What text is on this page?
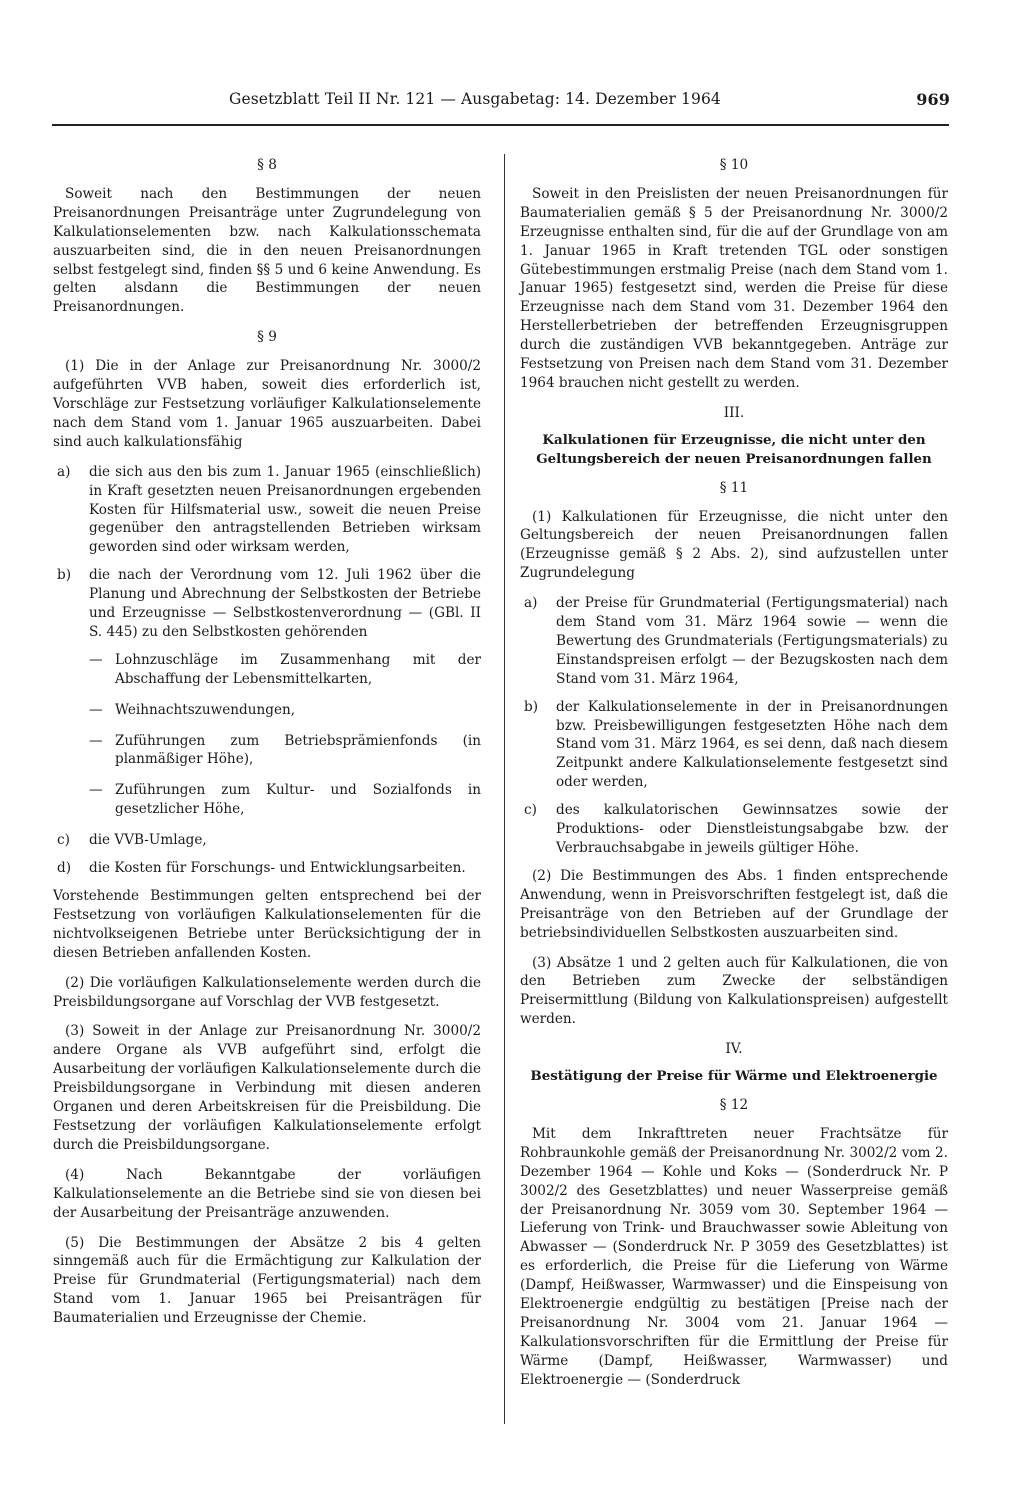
Gesetzblatt Teil II Nr. 121 — Ausgabetag: 14. Dezember 1964	969
§ 8

Soweit nach den Bestimmungen der neuen Preisanordnungen Preisanträge unter Zugrundelegung von Kalkulationselementen bzw. nach Kalkulationsschemata auszuarbeiten sind, die in den neuen Preisanordnungen selbst festgelegt sind, finden §§ 5 und 6 keine Anwendung. Es gelten alsdann die Bestimmungen der neuen Preisanordnungen.

§ 9

(1) Die in der Anlage zur Preisanordnung Nr. 3000/2 aufgeführten VVB haben, soweit dies erforderlich ist, Vorschläge zur Festsetzung vorläufiger Kalkulationselemente nach dem Stand vom 1. Januar 1965 auszuarbeiten. Dabei sind auch kalkulationsfähig

a)	die sich aus den bis zum 1. Januar 1965 (einschließlich) in Kraft gesetzten neuen Preisanordnungen ergebenden Kosten für Hilfsmaterial usw., soweit die neuen Preise gegenüber den antragstellenden Betrieben wirksam geworden sind oder wirksam werden,
b)	die nach der Verordnung vom 12. Juli 1962 über die Planung und Abrechnung der Selbstkosten der Betriebe und Erzeugnisse — Selbstkostenverordnung — (GBl. II S. 445) zu den Selbstkosten gehörenden
— Lohnzuschläge im Zusammenhang mit der Abschaffung der Lebensmittelkarten,
— Weihnachtszuwendungen,
— Zuführungen zum Betriebsprämienfonds (in planmäßiger Höhe),
— Zuführungen zum Kultur- und Sozialfonds in gesetzlicher Höhe,
c)	die VVB-Umlage,
d)	die Kosten für Forschungs- und Entwicklungsarbeiten.

Vorstehende Bestimmungen gelten entsprechend bei der Festsetzung von vorläufigen Kalkulationselementen für die nichtvolkseigenen Betriebe unter Berücksichtigung der in diesen Betrieben anfallenden Kosten.

(2) Die vorläufigen Kalkulationselemente werden durch die Preisbildungsorgane auf Vorschlag der VVB festgesetzt.

(3) Soweit in der Anlage zur Preisanordnung Nr. 3000/2 andere Organe als VVB aufgeführt sind, erfolgt die Ausarbeitung der vorläufigen Kalkulationselemente durch die Preisbildungsorgane in Verbindung mit diesen anderen Organen und deren Arbeitskreisen für die Preisbildung. Die Festsetzung der vorläufigen Kalkulationselemente erfolgt durch die Preisbildungsorgane.

(4) Nach Bekanntgabe der vorläufigen Kalkulationselemente an die Betriebe sind sie von diesen bei der Ausarbeitung der Preisanträge anzuwenden.

(5) Die Bestimmungen der Absätze 2 bis 4 gelten sinngemäß auch für die Ermächtigung zur Kalkulation der Preise für Grundmaterial (Fertigungsmaterial) nach dem Stand vom 1. Januar 1965 bei Preisanträgen für Baumaterialien und Erzeugnisse der Chemie.

§ 10

Soweit in den Preislisten der neuen Preisanordnungen für Baumaterialien gemäß § 5 der Preisanordnung Nr. 3000/2 Erzeugnisse enthalten sind, für die auf der Grundlage von am 1. Januar 1965 in Kraft tretenden TGL oder sonstigen Gütebestimmungen erstmalig Preise (nach dem Stand vom 1. Januar 1965) festgesetzt sind, werden die Preise für diese Erzeugnisse nach dem Stand vom 31. Dezember 1964 den Herstellerbetrieben der betreffenden Erzeugnisgruppen durch die zuständigen VVB bekanntgegeben. Anträge zur Festsetzung von Preisen nach dem Stand vom 31. Dezember 1964 brauchen nicht gestellt zu werden.

III.
Kalkulationen für Erzeugnisse, die nicht unter den Geltungsbereich der neuen Preisanordnungen fallen
§ 11

(1) Kalkulationen für Erzeugnisse, die nicht unter den Geltungsbereich der neuen Preisanordnungen fallen (Erzeugnisse gemäß § 2 Abs. 2), sind aufzustellen unter Zugrundelegung

a)	der Preise für Grundmaterial (Fertigungsmaterial) nach dem Stand vom 31. März 1964 sowie — wenn die Bewertung des Grundmaterials (Fertigungsmaterials) zu Einstandspreisen erfolgt — der Bezugskosten nach dem Stand vom 31. März 1964,
b)	der Kalkulationselemente in der in Preisanordnungen bzw. Preisbewilligungen festgesetzten Höhe nach dem Stand vom 31. März 1964, es sei denn, daß nach diesem Zeitpunkt andere Kalkulationselemente festgesetzt sind oder werden,
c)	des kalkulatorischen Gewinnsatzes sowie der Produktions- oder Dienstleistungsabgabe bzw. der Verbrauchsabgabe in jeweils gültiger Höhe.

(2) Die Bestimmungen des Abs. 1 finden entsprechende Anwendung, wenn in Preisvorschriften festgelegt ist, daß die Preisanträge von den Betrieben auf der Grundlage der betriebsindividuellen Selbstkosten auszuarbeiten sind.

(3) Absätze 1 und 2 gelten auch für Kalkulationen, die von den Betrieben zum Zwecke der selbständigen Preisermittlung (Bildung von Kalkulationspreisen) aufgestellt werden.

IV.
Bestätigung der Preise für Wärme und Elektroenergie
§ 12

Mit dem Inkrafttreten neuer Frachtsätze für Rohbraunkohle gemäß der Preisanordnung Nr. 3002/2 vom 2. Dezember 1964 — Kohle und Koks — (Sonderdruck Nr. P 3002/2 des Gesetzblattes) und neuer Wasserpreise gemäß der Preisanordnung Nr. 3059 vom 30. September 1964 — Lieferung von Trink- und Brauchwasser sowie Ableitung von Abwasser — (Sonderdruck Nr. P 3059 des Gesetzblattes) ist es erforderlich, die Preise für die Lieferung von Wärme (Dampf, Heißwasser, Warmwasser) und die Einspeisung von Elektroenergie endgültig zu bestätigen [Preise nach der Preisanordnung Nr. 3004 vom 21. Januar 1964 — Kalkulationsvorschriften für die Ermittlung der Preise für Wärme (Dampf, Heißwasser, Warmwasser) und Elektroenergie — (Sonderdruck
